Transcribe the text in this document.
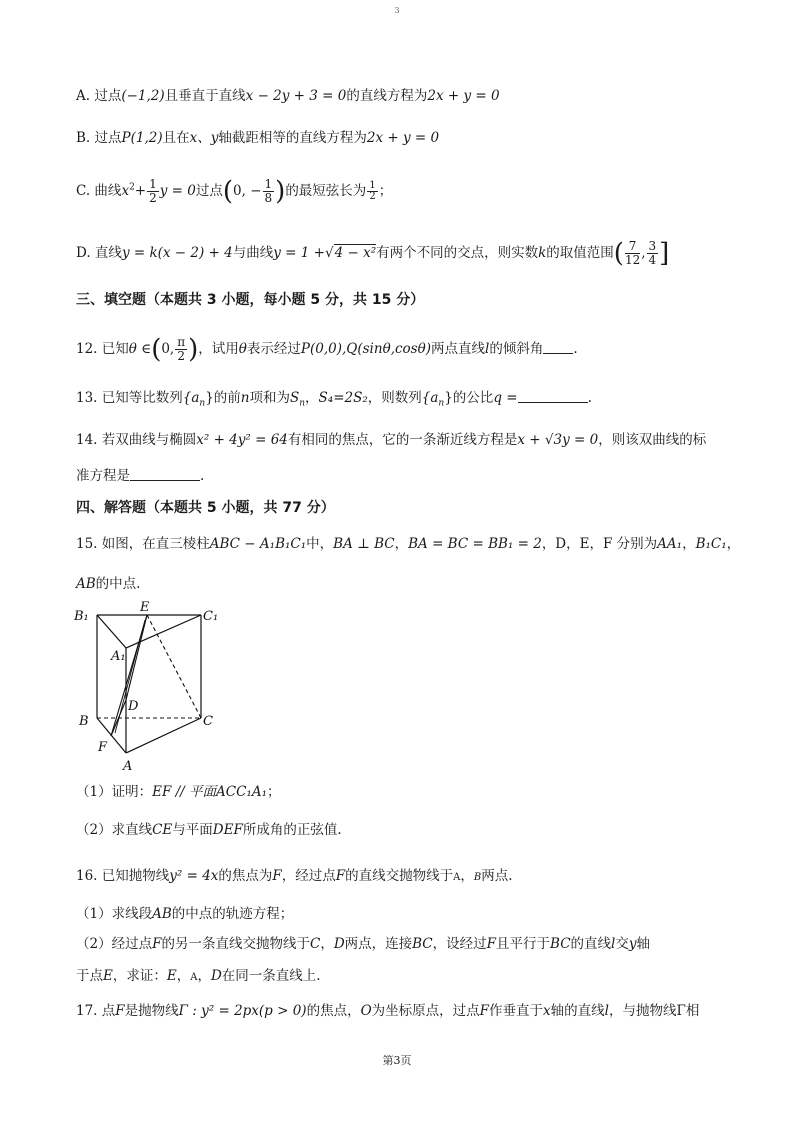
3
A. 过点(−1,2)且垂直于直线x − 2y + 3 = 0的直线方程为2x + y = 0
B. 过点P(1,2)且在x、y轴截距相等的直线方程为2x + y = 0
C. 曲线$x^2+ \frac{1}{2}$ y = 0过点(0, − $\frac{1}{8}$ )的最短弦长为 $\frac{1}{2}$ ；
D. 直线y = k(x − 2) + 4与曲线y = 1 +√4 − x²有两个不同的交点，则实数k的取值范围( $\frac{7}{12}$ , $\frac{3}{4}$ ]
三、填空题（本题共 3 小题，每小题 5 分，共 15 分）
12. 已知θ ∈(0, $\frac{\pi}{2}$ )，试用θ表示经过P(0,0),Q(sinθ,cosθ)两点直线l的倾斜角 .
13. 已知等比数列$\{a_n\}$的前n项和为$S_n$，S₄=2S₂，则数列$\{a_n\}$的公比q =	.
14. 若双曲线与椭圆x² + 4y² = 64有相同的焦点，它的一条渐近线方程是x + √3y = 0，则该双曲线的标
准方程是	.
四、解答题（本题共 5 小题，共 77 分）
15. 如图，在直三棱柱ABC − A₁B₁C₁中，BA ⊥ BC，BA = BC = BB₁ = 2，D，E，F 分别为AA₁，B₁C₁，
AB的中点.
B₁
E
C₁
A₁
D
B	C
F
A
（1）证明：EF // 平面ACC₁A₁；
（2）求直线CE与平面DEF所成角的正弦值.
16. 已知抛物线y² = 4x的焦点为F，经过点F的直线交抛物线于A，B两点.
（1）求线段AB的中点的轨迹方程；
（2）经过点F的另一条直线交抛物线于C，D两点，连接BC，设经过F且平行于BC的直线l交y轴
于点E，求证：E，A，D在同一条直线上.
17. 点F是抛物线Γ : y² = 2px(p > 0)的焦点，O为坐标原点，过点F作垂直于x轴的直线l，与抛物线Γ相
第3页
